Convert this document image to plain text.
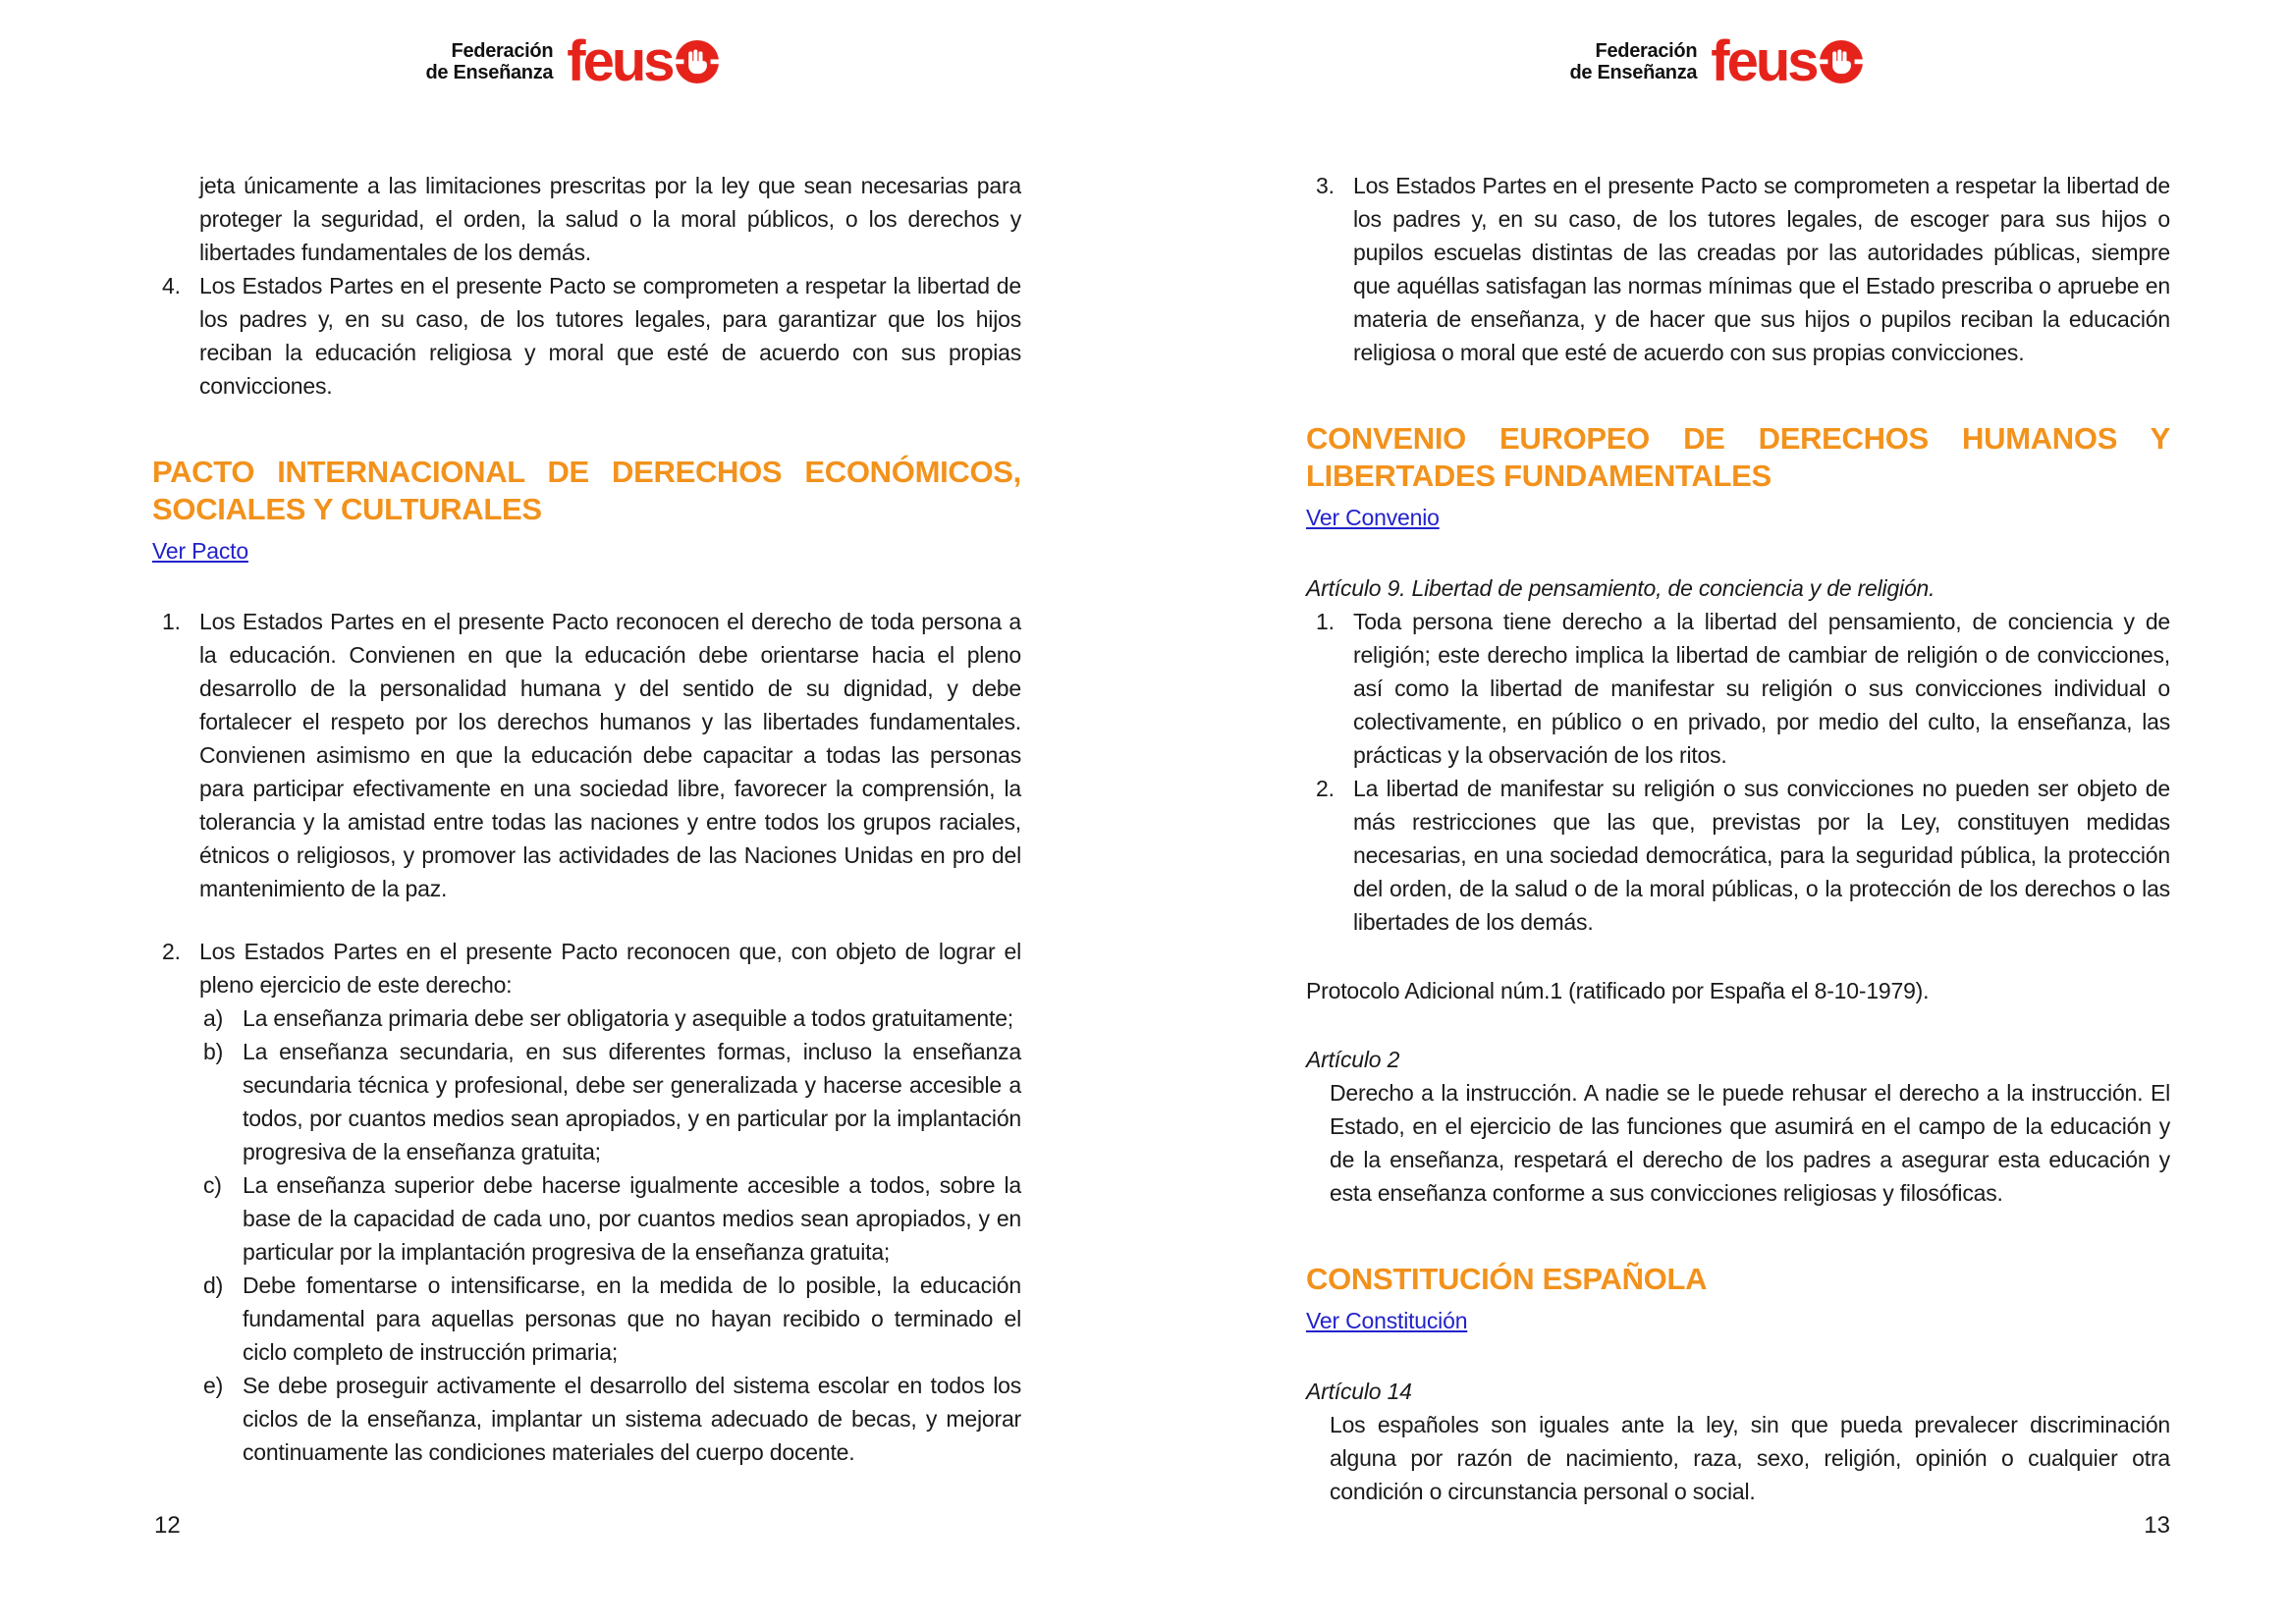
Federación
de Enseñanza feus

jeta únicamente a las limitaciones prescritas por la ley que sean necesarias para proteger la seguridad, el orden, la salud o la moral públicos, o los derechos y libertades fundamentales de los demás.

4. Los Estados Partes en el presente Pacto se comprometen a respetar la libertad de los padres y, en su caso, de los tutores legales, para garantizar que los hijos reciban la educación religiosa y moral que esté de acuerdo con sus propias convicciones.
PACTO INTERNACIONAL DE DERECHOS ECONÓMICOS, SOCIALES Y CULTURALES
Ver Pacto
1. Los Estados Partes en el presente Pacto reconocen el derecho de toda persona a la educación. Convienen en que la educación debe orientarse hacia el pleno desarrollo de la personalidad humana y del sentido de su dignidad, y debe fortalecer el respeto por los derechos humanos y las libertades fundamentales. Convienen asimismo en que la educación debe capacitar a todas las personas para participar efectivamente en una sociedad libre, favorecer la comprensión, la tolerancia y la amistad entre todas las naciones y entre todos los grupos raciales, étnicos o religiosos, y promover las actividades de las Naciones Unidas en pro del mantenimiento de la paz.
2. Los Estados Partes en el presente Pacto reconocen que, con objeto de lograr el pleno ejercicio de este derecho:
a) La enseñanza primaria debe ser obligatoria y asequible a todos gratuitamente;
b) La enseñanza secundaria, en sus diferentes formas, incluso la enseñanza secundaria técnica y profesional, debe ser generalizada y hacerse accesible a todos, por cuantos medios sean apropiados, y en particular por la implantación progresiva de la enseñanza gratuita;
c) La enseñanza superior debe hacerse igualmente accesible a todos, sobre la base de la capacidad de cada uno, por cuantos medios sean apropiados, y en particular por la implantación progresiva de la enseñanza gratuita;
d) Debe fomentarse o intensificarse, en la medida de lo posible, la educación fundamental para aquellas personas que no hayan recibido o terminado el ciclo completo de instrucción primaria;
e) Se debe proseguir activamente el desarrollo del sistema escolar en todos los ciclos de la enseñanza, implantar un sistema adecuado de becas, y mejorar continuamente las condiciones materiales del cuerpo docente.
12
Federación
de Enseñanza feus
3. Los Estados Partes en el presente Pacto se comprometen a respetar la libertad de los padres y, en su caso, de los tutores legales, de escoger para sus hijos o pupilos escuelas distintas de las creadas por las autoridades públicas, siempre que aquéllas satisfagan las normas mínimas que el Estado prescriba o apruebe en materia de enseñanza, y de hacer que sus hijos o pupilos reciban la educación religiosa o moral que esté de acuerdo con sus propias convicciones.
CONVENIO EUROPEO DE DERECHOS HUMANOS Y LIBERTADES FUNDAMENTALES
Ver Convenio

Artículo 9. Libertad de pensamiento, de conciencia y de religión.

1. Toda persona tiene derecho a la libertad del pensamiento, de conciencia y de religión; este derecho implica la libertad de cambiar de religión o de convicciones, así como la libertad de manifestar su religión o sus convicciones individual o colectivamente, en público o en privado, por medio del culto, la enseñanza, las prácticas y la observación de los ritos.
2. La libertad de manifestar su religión o sus convicciones no pueden ser objeto de más restricciones que las que, previstas por la Ley, constituyen medidas necesarias, en una sociedad democrática, para la seguridad pública, la protección del orden, de la salud o de la moral públicas, o la protección de los derechos o las libertades de los demás.

Protocolo Adicional núm.1 (ratificado por España el 8-10-1979).

Artículo 2

Derecho a la instrucción. A nadie se le puede rehusar el derecho a la instrucción. El Estado, en el ejercicio de las funciones que asumirá en el campo de la educación y de la enseñanza, respetará el derecho de los padres a asegurar esta educación y esta enseñanza conforme a sus convicciones religiosas y filosóficas.

CONSTITUCIÓN ESPAÑOLA
Ver Constitución

Artículo 14

Los españoles son iguales ante la ley, sin que pueda prevalecer discriminación alguna por razón de nacimiento, raza, sexo, religión, opinión o cualquier otra condición o circunstancia personal o social.

13
